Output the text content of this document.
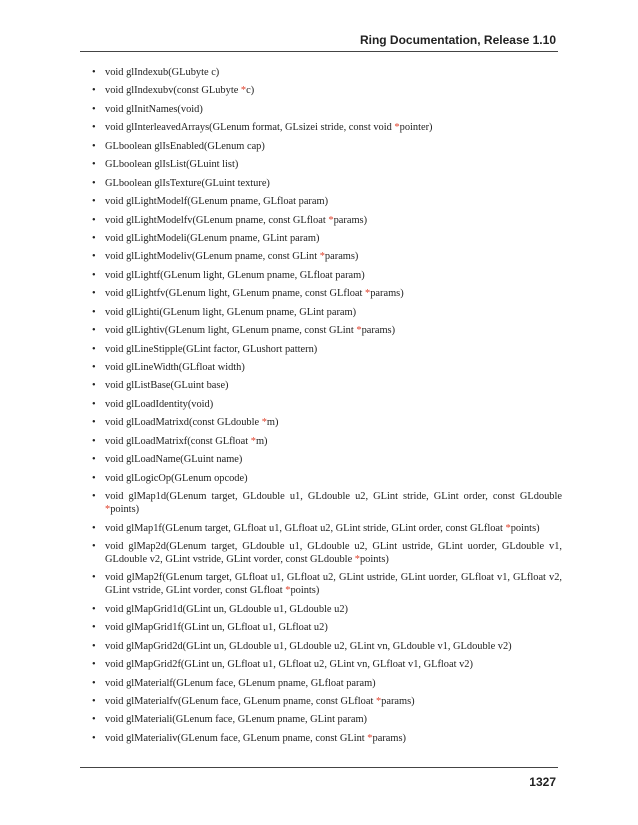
Ring Documentation, Release 1.10
• void glIndexub(GLubyte c)
• void glIndexubv(const GLubyte *c)
• void glInitNames(void)
• void glInterleavedArrays(GLenum format, GLsizei stride, const void *pointer)
• GLboolean glIsEnabled(GLenum cap)
• GLboolean glIsList(GLuint list)
• GLboolean glIsTexture(GLuint texture)
• void glLightModelf(GLenum pname, GLfloat param)
• void glLightModelfv(GLenum pname, const GLfloat *params)
• void glLightModeli(GLenum pname, GLint param)
• void glLightModeliv(GLenum pname, const GLint *params)
• void glLightf(GLenum light, GLenum pname, GLfloat param)
• void glLightfv(GLenum light, GLenum pname, const GLfloat *params)
• void glLighti(GLenum light, GLenum pname, GLint param)
• void glLightiv(GLenum light, GLenum pname, const GLint *params)
• void glLineStipple(GLint factor, GLushort pattern)
• void glLineWidth(GLfloat width)
• void glListBase(GLuint base)
• void glLoadIdentity(void)
• void glLoadMatrixd(const GLdouble *m)
• void glLoadMatrixf(const GLfloat *m)
• void glLoadName(GLuint name)
• void glLogicOp(GLenum opcode)
• void glMap1d(GLenum target, GLdouble u1, GLdouble u2, GLint stride, GLint order, const GLdouble *points)
• void glMap1f(GLenum target, GLfloat u1, GLfloat u2, GLint stride, GLint order, const GLfloat *points)
• void glMap2d(GLenum target, GLdouble u1, GLdouble u2, GLint ustride, GLint uorder, GLdouble v1, GLdouble v2, GLint vstride, GLint vorder, const GLdouble *points)
• void glMap2f(GLenum target, GLfloat u1, GLfloat u2, GLint ustride, GLint uorder, GLfloat v1, GLfloat v2, GLint vstride, GLint vorder, const GLfloat *points)
• void glMapGrid1d(GLint un, GLdouble u1, GLdouble u2)
• void glMapGrid1f(GLint un, GLfloat u1, GLfloat u2)
• void glMapGrid2d(GLint un, GLdouble u1, GLdouble u2, GLint vn, GLdouble v1, GLdouble v2)
• void glMapGrid2f(GLint un, GLfloat u1, GLfloat u2, GLint vn, GLfloat v1, GLfloat v2)
• void glMaterialf(GLenum face, GLenum pname, GLfloat param)
• void glMaterialfv(GLenum face, GLenum pname, const GLfloat *params)
• void glMateriali(GLenum face, GLenum pname, GLint param)
• void glMaterialiv(GLenum face, GLenum pname, const GLint *params)
1327
